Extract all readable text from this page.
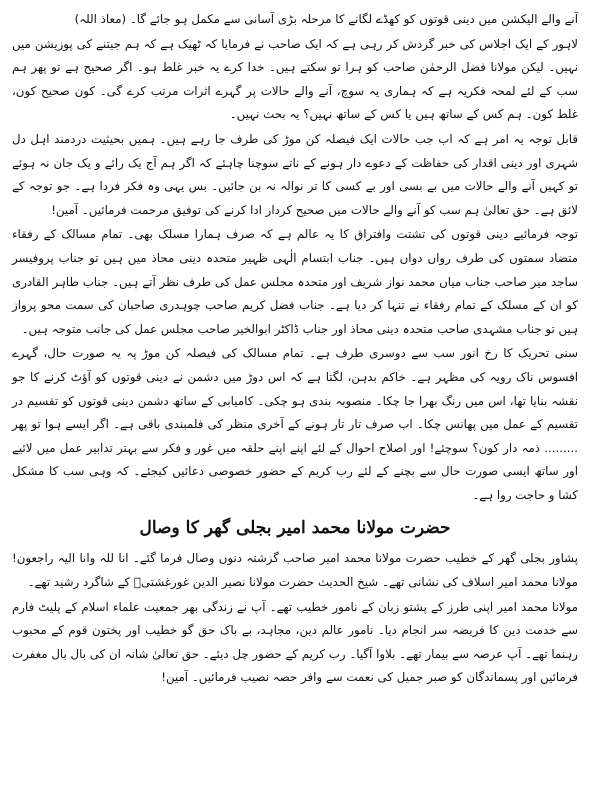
آنے والے الیکشن میں دینی قوتوں کو کھڈے لگانے کا مرحلہ بڑی آسانی سے مکمل ہو جائے گا۔ (معاذ اللہ)

لاہور کے ایک اجلاس کی خبر گردش کر رہی ہے کہ ایک صاحب نے فرمایا کہ ٹھیک ہے کہ ہم جیتنے کی پوزیشن میں نہیں۔ لیکن مولانا فضل الرحمٰن صاحب کو ہرا تو سکتے ہیں۔ خدا کرے یہ خبر غلط ہو۔ اگر صحیح ہے تو پھر ہم سب کے لئے لمحہ فکریہ ہے کہ ہماری یہ سوچ، آنے والے حالات پر گہرے اثرات مرتب کرے گی۔ کون صحیح کون، غلط کون۔ ہم کس کے ساتھ ہیں یا کس کے ساتھ نہیں؟ یہ بحث نہیں۔

قابل توجہ یہ امر ہے کہ اب جب حالات ایک فیصلہ کن موڑ کی طرف جا رہے ہیں۔ ہمیں بحیثیت دردمند اہل دل شہری اور دینی اقدار کی حفاظت کے دعوے دار ہونے کے ناتے سوچنا چاہئے کہ اگر ہم آج یک رائے و یک جان نہ ہوئے تو کہیں آنے والے حالات میں بے بسی اور بے کسی کا تر نوالہ نہ بن جائیں۔ بس یہی وہ فکر فردا ہے۔ جو توجہ کے لائق ہے۔ حق تعالیٰ ہم سب کو آنے والے حالات میں صحیح کردار ادا کرنے کی توفیق مرحمت فرمائیں۔ آمین!

توجہ فرمائیے دینی قوتوں کی تشتت وافتراق کا یہ عالم ہے کہ صرف ہمارا مسلک بھی۔ تمام مسالک کے رفقاء متضاد سمتوں کی طرف رواں دواں ہیں۔ جناب ابتسام الٰہی ظہیر متحدہ دینی محاذ میں ہیں تو جناب پروفیسر ساجد میر صاحب جناب میاں محمد نواز شریف اور متحدہ مجلس عمل کی طرف نظر آتے ہیں۔ جناب طاہر القادری کو ان کے مسلک کے تمام رفقاء نے تنہا کر دیا ہے۔ جناب فضل کریم صاحب چوہدری صاحبان کی سمت محو پرواز ہیں تو جناب مشہدی صاحب متحدہ دینی محاذ اور جناب ڈاکٹر ابوالخیر صاحب مجلس عمل کی جانب متوجہ ہیں۔

سنی تحریک کا رخ انور سب سے دوسری طرف ہے۔ تمام مسالک کی فیصلہ کن موڑ پہ یہ صورت حال، گہرے افسوس ناک رویہ کی مظہر ہے۔ خاکم بدہن، لگتا ہے کہ اس دوڑ میں دشمن نے دینی قوتوں کو آؤٹ کرنے کا جو نقشہ بنایا تھا، اس میں رنگ بھرا جا چکا۔ منصوبہ بندی ہو چکی۔ کامیابی کے ساتھ دشمن دینی قوتوں کو تقسیم در تقسیم کے عمل میں پھانس چکا۔ اب صرف تار تار ہونے کے آخری منظر کی فلمبندی باقی ہے۔ اگر ایسے ہوا تو پھر ......... ذمہ دار کون؟ سوچئے! اور اصلاح احوال کے لئے اپنے اپنے حلقہ میں غور و فکر سے بہتر تدابیر عمل میں لائیے اور ساتھ ایسی صورت حال سے بچنے کے لئے رب کریم کے حضور خصوصی دعائیں کیجئے۔ کہ وہی سب کا مشکل کشا و حاجت روا ہے۔

حضرت مولانا محمد امیر بجلی گھر کا وصال

پشاور بجلی گھر کے خطیب حضرت مولانا محمد امیر صاحب گزشتہ دنوں وصال فرما گئے۔ انا للہ وانا الیہ راجعون! مولانا محمد امیر اسلاف کی نشانی تھے۔ شیخ الحدیث حضرت مولانا نصیر الدین غورغشتیؒ کے شاگرد رشید تھے۔

مولانا محمد امیر اپنی طرز کے پشتو زبان کے نامور خطیب تھے۔ آپ نے زندگی بھر جمعیت علماء اسلام کے پلیٹ فارم سے خدمت دین کا فریضہ سر انجام دیا۔ نامور عالم دین، مجاہد، بے باک حق گو خطیب اور پختون قوم کے محبوب رہنما تھے۔ آپ عرصہ سے بیمار تھے۔ بلاوا آگیا۔ رب کریم کے حضور چل دیئے۔ حق تعالیٰ شانہ ان کی بال بال مغفرت فرمائیں اور پسماندگان کو صبر جمیل کی نعمت سے وافر حصہ نصیب فرمائیں۔ آمین!
